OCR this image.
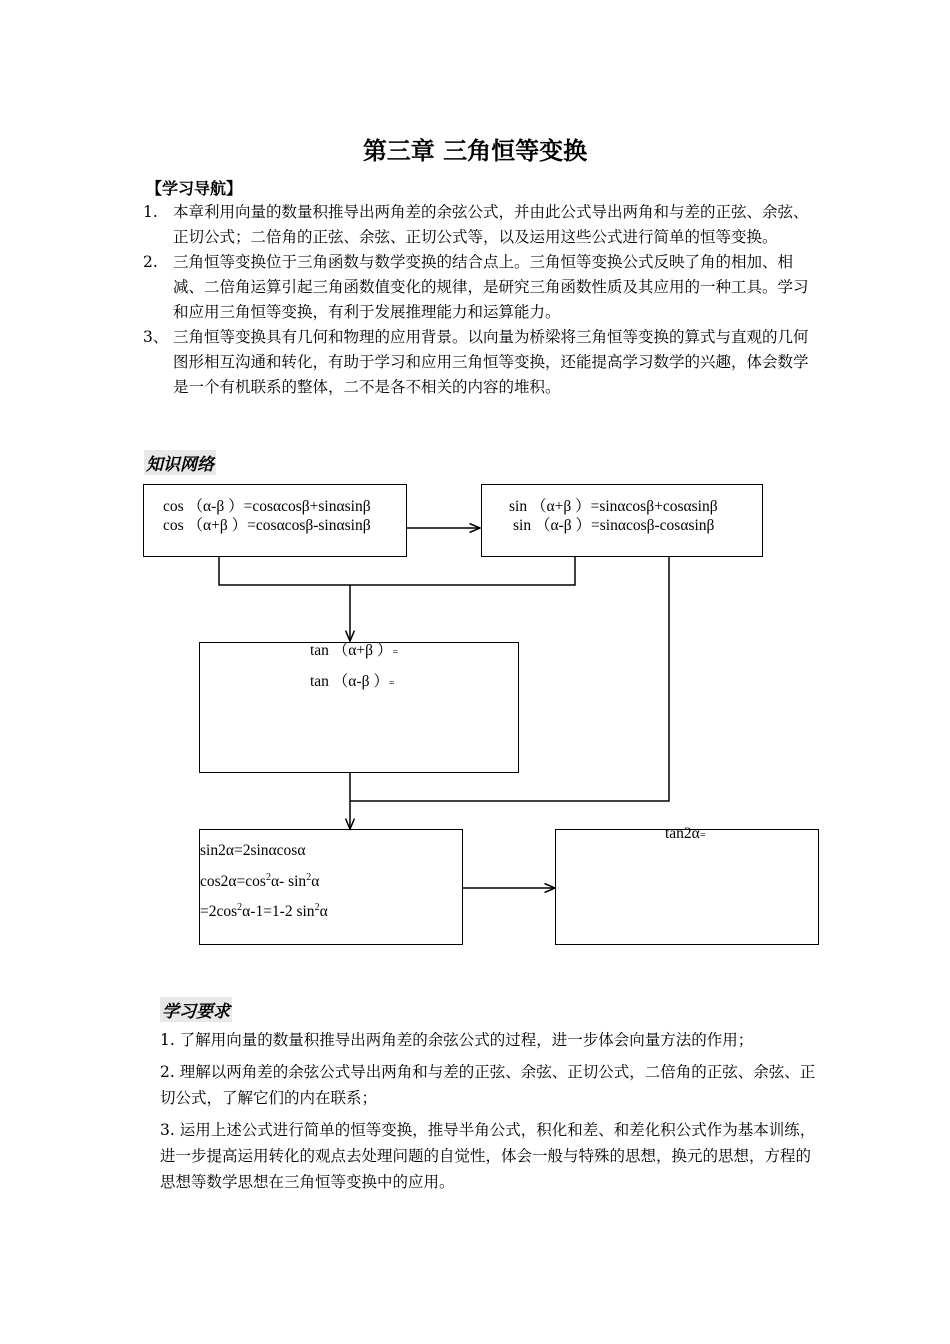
第三章 三角恒等变换
【学习导航】
1. 本章利用向量的数量积推导出两角差的余弦公式，并由此公式导出两角和与差的正弦、余弦、正切公式；二倍角的正弦、余弦、正切公式等，以及运用这些公式进行简单的恒等变换。
2. 三角恒等变换位于三角函数与数学变换的结合点上。三角恒等变换公式反映了角的相加、相减、二倍角运算引起三角函数值变化的规律，是研究三角函数性质及其应用的一种工具。学习和应用三角恒等变换，有利于发展推理能力和运算能力。
3、 三角恒等变换具有几何和物理的应用背景。以向量为桥梁将三角恒等变换的算式与直观的几何图形相互沟通和转化，有助于学习和应用三角恒等变换，还能提高学习数学的兴趣，体会数学是一个有机联系的整体，二不是各不相关的内容的堆积。
知识网络
cos （α-β ）=cosαcosβ+sinαsinβ
cos （α+β ）=cosαcosβ-sinαsinβ
sin （α+β ）=sinαcosβ+cosαsinβ
sin （α-β ）=sinαcosβ-cosαsinβ
tan （α+β ）=
tan （α-β ）=
sin2α=2sinαcosα
$\cos 2\alpha=\cos^2\alpha-$ $\sin^2\alpha$
$=2\cos^2\alpha-1=1-2$ $\sin^2\alpha$
tan2α=
学习要求
1. 了解用向量的数量积推导出两角差的余弦公式的过程，进一步体会向量方法的作用；
2. 理解以两角差的余弦公式导出两角和与差的正弦、余弦、正切公式，二倍角的正弦、余弦、正切公式，了解它们的内在联系；
3. 运用上述公式进行简单的恒等变换，推导半角公式，积化和差、和差化积公式作为基本训练，进一步提高运用转化的观点去处理问题的自觉性，体会一般与特殊的思想，换元的思想，方程的思想等数学思想在三角恒等变换中的应用。
